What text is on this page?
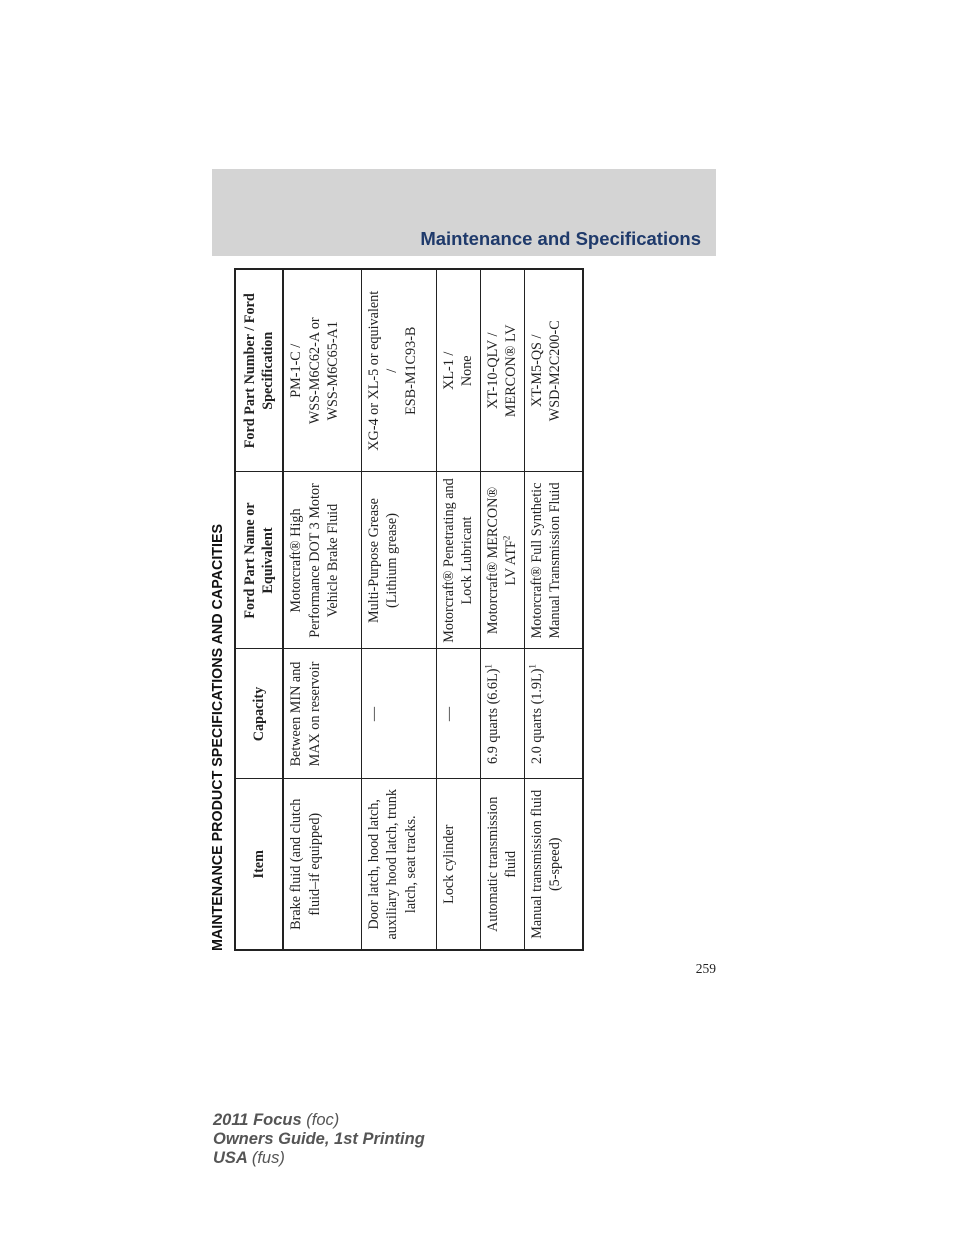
Maintenance and Specifications
MAINTENANCE PRODUCT SPECIFICATIONS AND CAPACITIES Item	Capacity	Ford Part Name or Equivalent	Ford Part Number / Ford Specification
Brake fluid (and clutch fluid–if equipped)	Between MIN and MAX on reservoir	Motorcraft® High Performance DOT 3 Motor Vehicle Brake Fluid	PM-1-C / WSS-M6C62-A or WSS-M6C65-A1

Door latch, hood latch, auxiliary hood latch, trunk latch, seat tracks.	—	Multi-Purpose Grease (Lithium grease)	XG-4 or XL-5 or equivalent / ESB-M1C93-B

Lock cylinder	—	Motorcraft® Penetrating and Lock Lubricant	XL-1 / None

Automatic transmission fluid	6.9 quarts $(6.6L)^1$	Motorcraft® MERCON® LV ATF$^2$	XT-10-QLV / MERCON® LV

Manual transmission fluid (5-speed)	2.0 quarts $(1.9L)^1$	Motorcraft® Full Synthetic Manual Transmission Fluid	XT-M5-QS / WSD-M2C200-C
259
2011 Focus (foc)
Owners Guide, 1st Printing
USA (fus)
